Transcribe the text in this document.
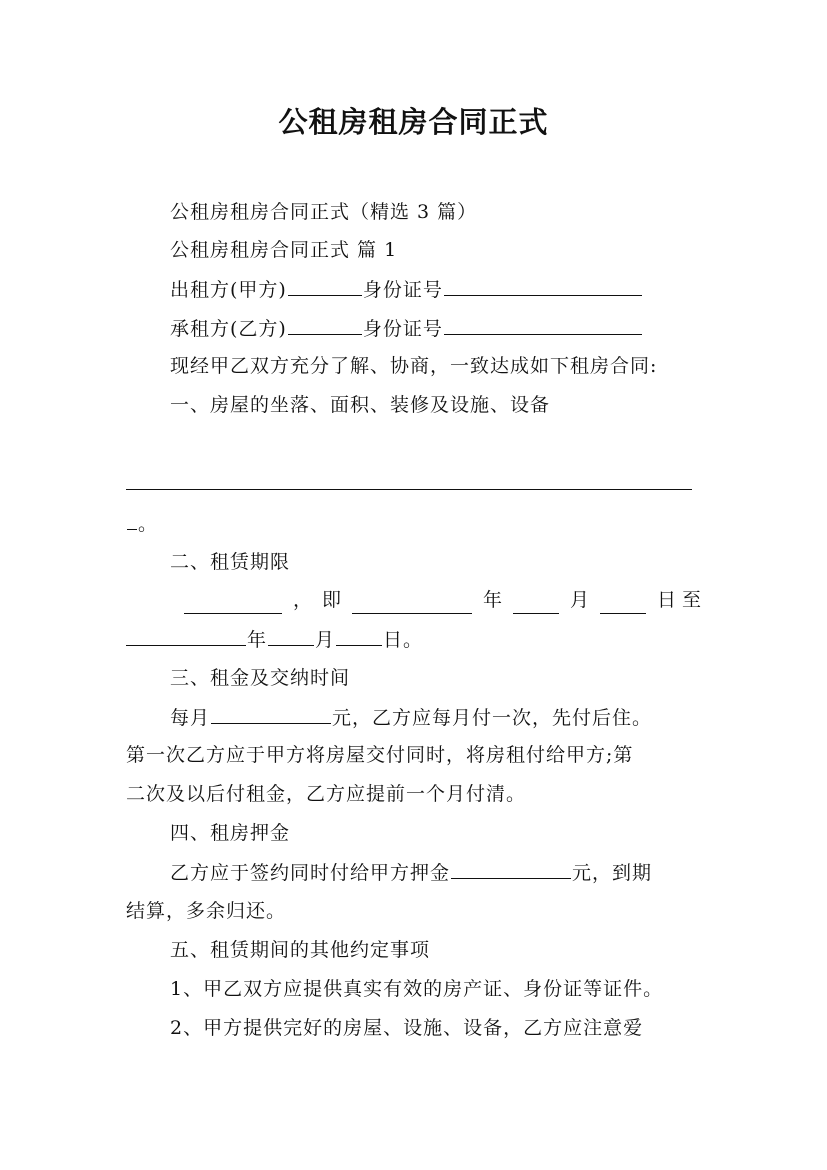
公租房租房合同正式
公租房租房合同正式（精选 3 篇）
公租房租房合同正式 篇 1
出租方(甲方)	身份证号
承租方(乙方)	身份证号
现经甲乙双方充分了解、协商，一致达成如下租房合同:
一、房屋的坐落、面积、装修及设施、设备
。
二、租赁期限
， 即	年	月	日 至
年	月	日。
三、租金及交纳时间
每月	元，乙方应每月付一次，先付后住。
第一次乙方应于甲方将房屋交付同时，将房租付给甲方;第
二次及以后付租金，乙方应提前一个月付清。
四、租房押金
乙方应于签约同时付给甲方押金	元，到期
结算，多余归还。
五、租赁期间的其他约定事项
1、甲乙双方应提供真实有效的房产证、身份证等证件。
2、甲方提供完好的房屋、设施、设备，乙方应注意爱
